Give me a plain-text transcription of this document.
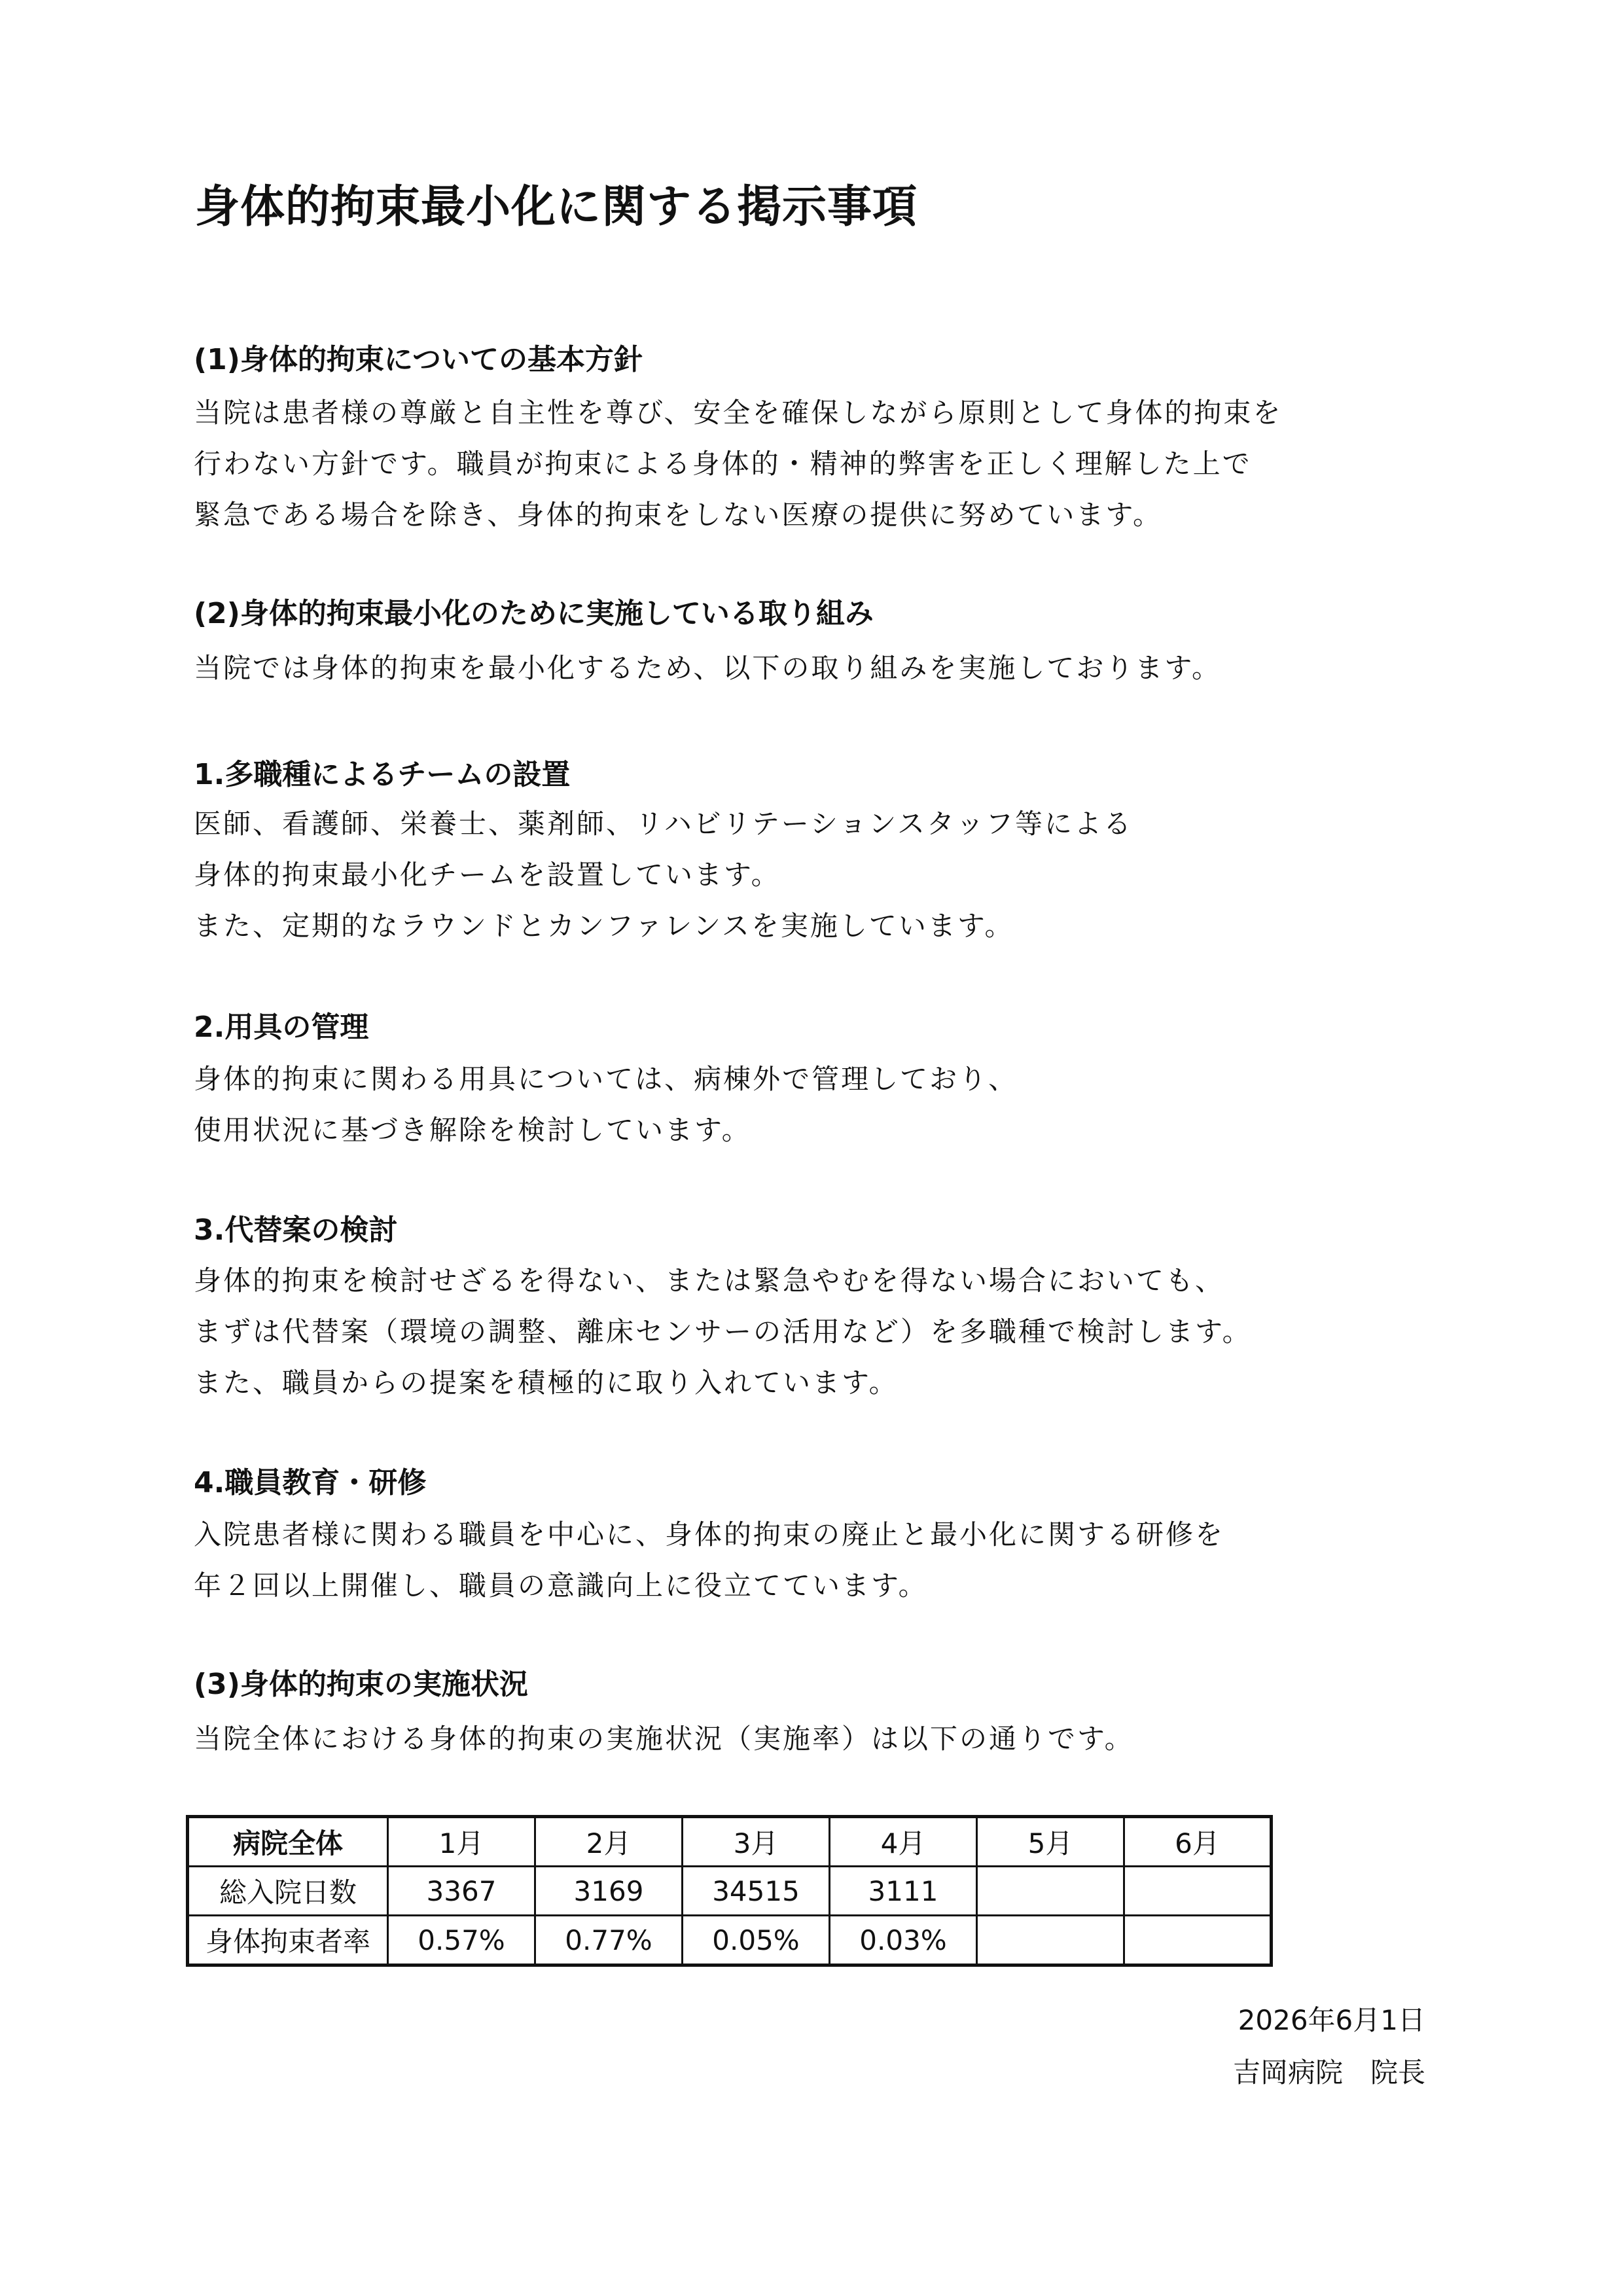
身体的拘束最小化に関する掲示事項
(1)身体的拘束についての基本方針
当院は患者様の尊厳と自主性を尊び、安全を確保しながら原則として身体的拘束を
行わない方針です。職員が拘束による身体的・精神的弊害を正しく理解した上で
緊急である場合を除き、身体的拘束をしない医療の提供に努めています。
(2)身体的拘束最小化のために実施している取り組み
当院では身体的拘束を最小化するため、以下の取り組みを実施しております。
1.多職種によるチームの設置
医師、看護師、栄養士、薬剤師、リハビリテーションスタッフ等による
身体的拘束最小化チームを設置しています。
また、定期的なラウンドとカンファレンスを実施しています。
2.用具の管理
身体的拘束に関わる用具については、病棟外で管理しており、
使用状況に基づき解除を検討しています。
3.代替案の検討
身体的拘束を検討せざるを得ない、または緊急やむを得ない場合においても、
まずは代替案（環境の調整、離床センサーの活用など）を多職種で検討します。
また、職員からの提案を積極的に取り入れています。
4.職員教育・研修
入院患者様に関わる職員を中心に、身体的拘束の廃止と最小化に関する研修を
年２回以上開催し、職員の意識向上に役立てています。
(3)身体的拘束の実施状況
当院全体における身体的拘束の実施状況（実施率）は以下の通りです。
病院全体	1月	2月	3月	4月	5月	6月
総入院日数	3367	3169	34515	3111		
身体拘束者率	0.57%	0.77%	0.05%	0.03%		
2026年6月1日
吉岡病院　院長
